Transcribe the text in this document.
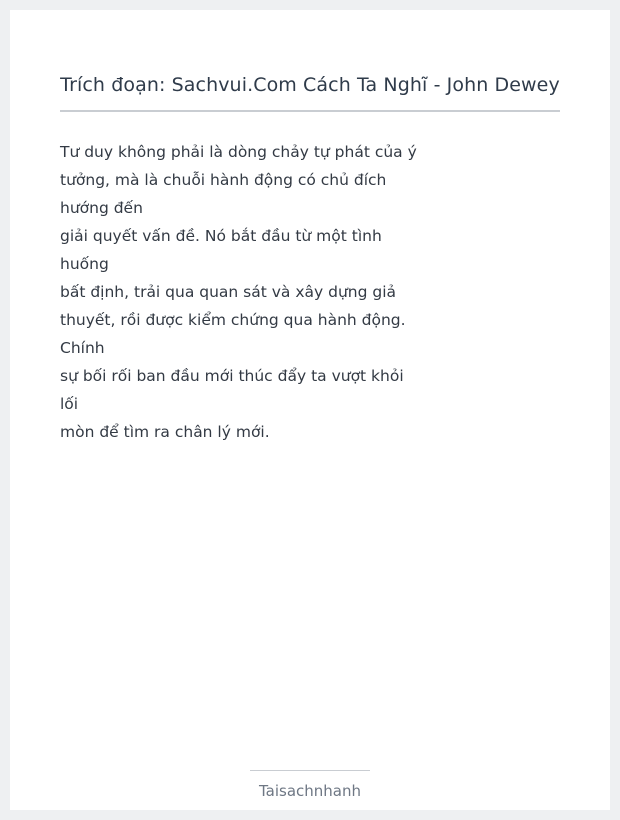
Trích đoạn: Sachvui.Com Cách Ta Nghĩ - John Dewey
Tư duy không phải là dòng chảy tự phát của ý
tưởng, mà là chuỗi hành động có chủ đích
hướng đến
giải quyết vấn đề. Nó bắt đầu từ một tình
huống
bất định, trải qua quan sát và xây dựng giả
thuyết, rồi được kiểm chứng qua hành động.
Chính
sự bối rối ban đầu mới thúc đẩy ta vượt khỏi
lối
mòn để tìm ra chân lý mới.
Taisachnhanh
